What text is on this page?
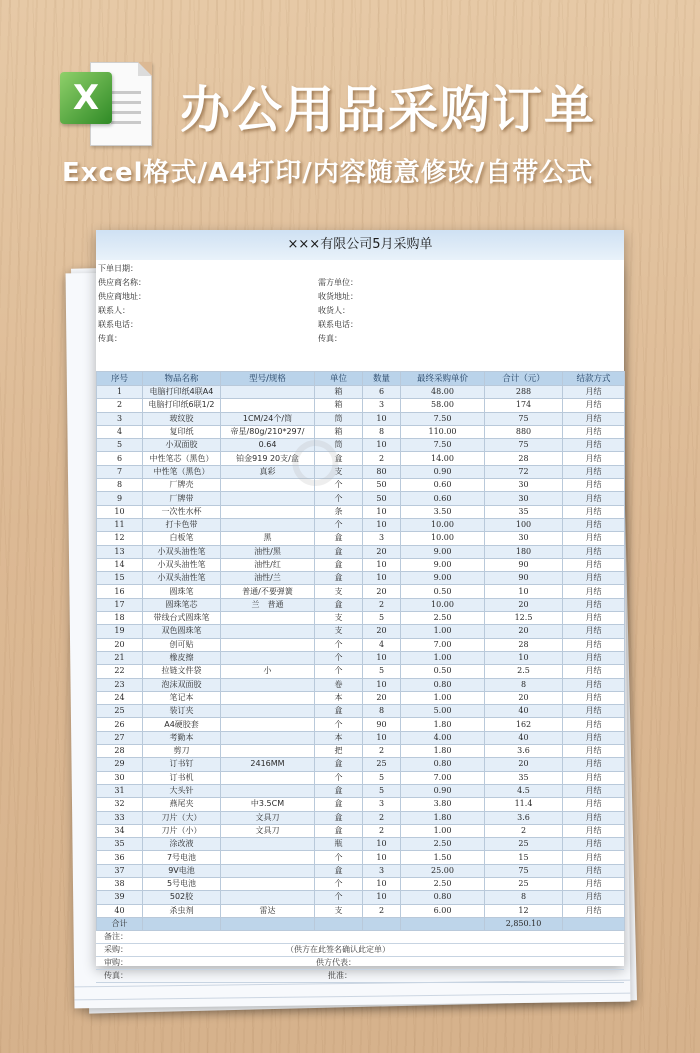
X 办公用品采购订单
Excel格式/A4打印/内容随意修改/自带公式
×××有限公司5月采购单
下单日期：
供应商名称：
供应商地址：
联系人：
联系电话：
传真：
需方单位：
收货地址：
收货人：
联系电话：
传真：
序号	物品名称	型号/规格	单位	数量	最终采购单价	合计（元）	结款方式
1	电脑打印纸4联A4		箱	6	48.00	288	月结
2	电脑打印纸6联1/2		箱	3	58.00	174	月结
3	玻纹胶	1CM/24个/筒	筒	10	7.50	75	月结
4	复印纸	帝星/80g/210*297/	箱	8	110.00	880	月结
5	小双面胶	0.64	筒	10	7.50	75	月结
6	中性笔芯（黑色）	铂金919 20支/盒	盒	2	14.00	28	月结
7	中性笔（黑色）	真彩	支	80	0.90	72	月结
8	厂牌壳		个	50	0.60	30	月结
9	厂牌带		个	50	0.60	30	月结
10	一次性水杯		条	10	3.50	35	月结
11	打卡色带		个	10	10.00	100	月结
12	白板笔	黑	盒	3	10.00	30	月结
13	小双头油性笔	油性/黑	盒	20	9.00	180	月结
14	小双头油性笔	油性/红	盒	10	9.00	90	月结
15	小双头油性笔	油性/兰	盒	10	9.00	90	月结
16	圆珠笔	普通/不要弹簧	支	20	0.50	10	月结
17	圆珠笔芯	兰　普通	盒	2	10.00	20	月结
18	带线台式圆珠笔		支	5	2.50	12.5	月结
19	双色圆珠笔		支	20	1.00	20	月结
20	创可贴		个	4	7.00	28	月结
21	橡皮擦		个	10	1.00	10	月结
22	拉链文件袋	小	个	5	0.50	2.5	月结
23	泡沫双面胶		卷	10	0.80	8	月结
24	笔记本		本	20	1.00	20	月结
25	装订夹		盒	8	5.00	40	月结
26	A4硬胶套		个	90	1.80	162	月结
27	考勤本		本	10	4.00	40	月结
28	剪刀		把	2	1.80	3.6	月结
29	订书钉	2416MM	盒	25	0.80	20	月结
30	订书机		个	5	7.00	35	月结
31	大头针		盒	5	0.90	4.5	月结
32	燕尾夹	中3.5CM	盒	3	3.80	11.4	月结
33	刀片（大）	文具刀	盒	2	1.80	3.6	月结
34	刀片（小）	文具刀	盒	2	1.00	2	月结
35	涂改液		瓶	10	2.50	25	月结
36	7号电池		个	10	1.50	15	月结
37	9V电池		盒	3	25.00	75	月结
38	5号电池		个	10	2.50	25	月结
39	502胶		个	10	0.80	8	月结
40	杀虫剂	雷达	支	2	6.00	12	月结
合计						2,850.10	
备注：
采购：	（供方在此签名确认此定单）
审购：	供方代表：
传真：	批准：
